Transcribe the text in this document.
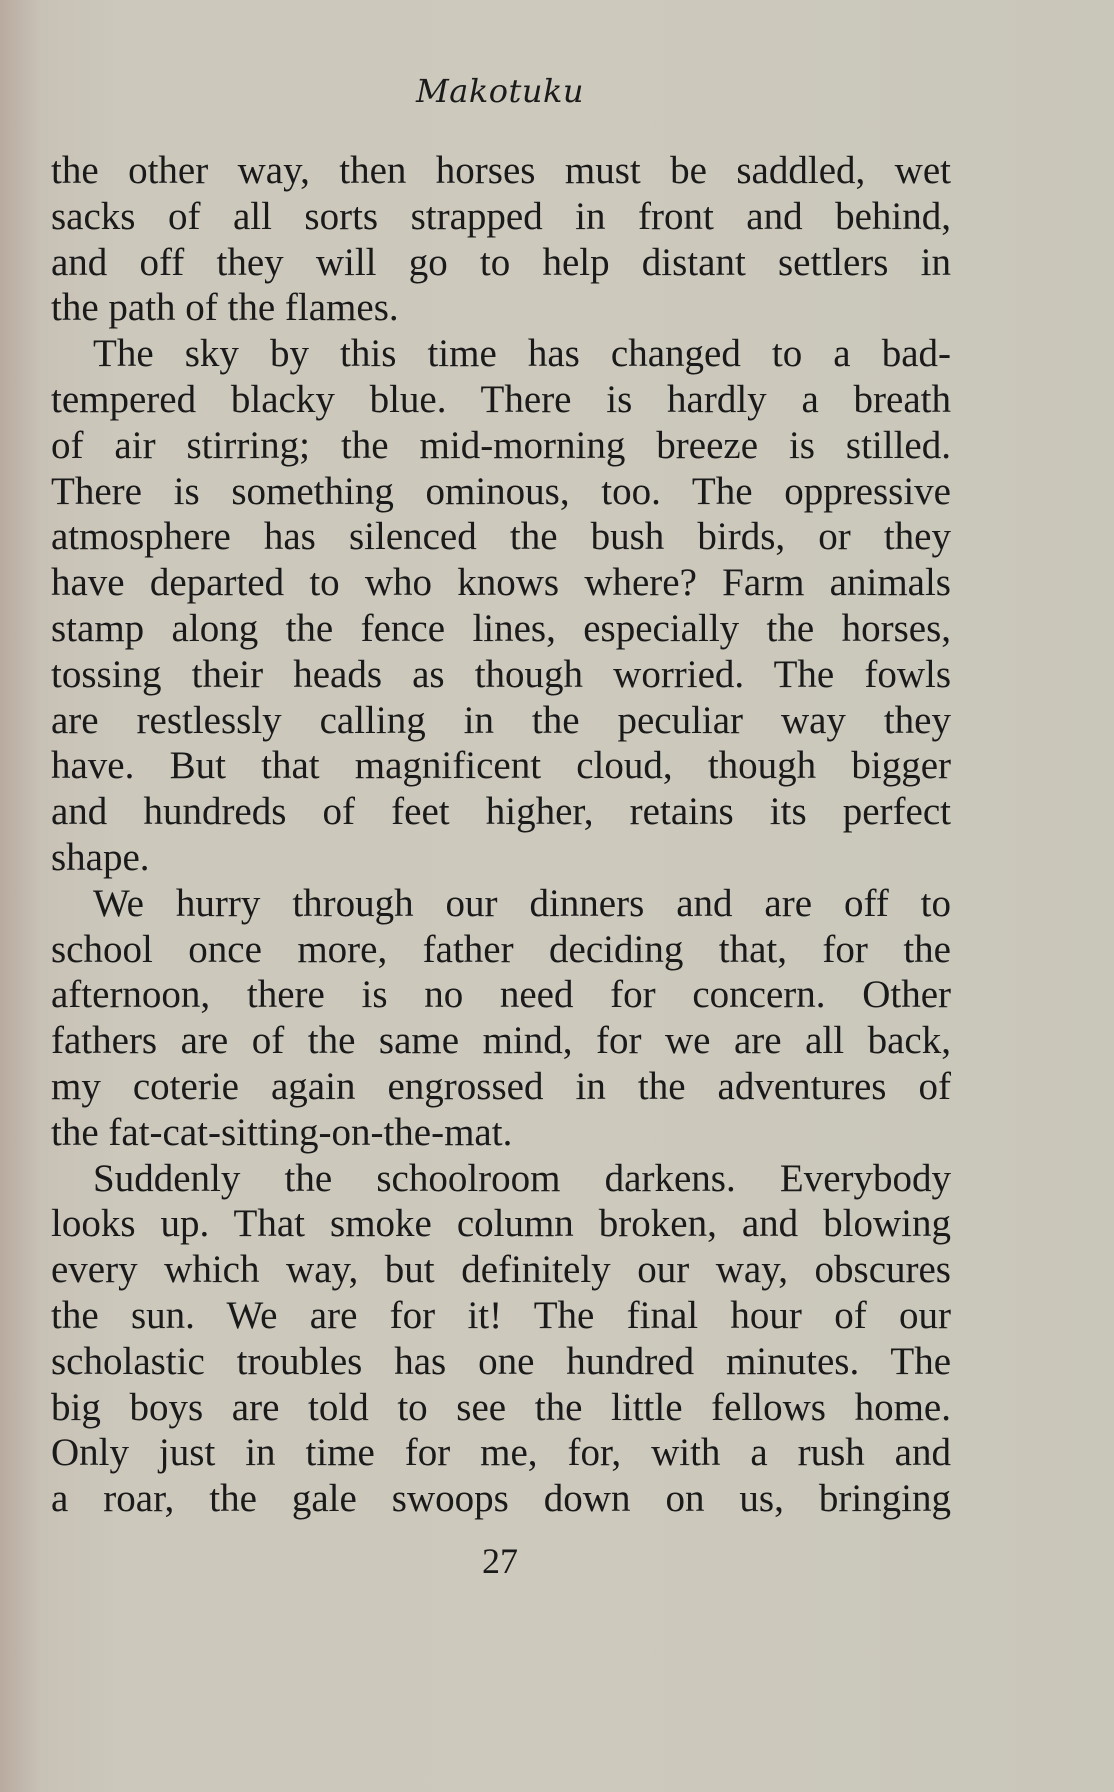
Makotuku
the other way, then horses must be saddled, wet
sacks of all sorts strapped in front and behind,
and off they will go to help distant settlers in
the path of the flames.
The sky by this time has changed to a bad-
tempered blacky blue. There is hardly a breath
of air stirring; the mid-morning breeze is stilled.
There is something ominous, too. The oppressive
atmosphere has silenced the bush birds, or they
have departed to who knows where? Farm animals
stamp along the fence lines, especially the horses,
tossing their heads as though worried. The fowls
are restlessly calling in the peculiar way they
have. But that magnificent cloud, though bigger
and hundreds of feet higher, retains its perfect
shape.
We hurry through our dinners and are off to
school once more, father deciding that, for the
afternoon, there is no need for concern. Other
fathers are of the same mind, for we are all back,
my coterie again engrossed in the adventures of
the fat-cat-sitting-on-the-mat.
Suddenly the schoolroom darkens. Everybody
looks up. That smoke column broken, and blowing
every which way, but definitely our way, obscures
the sun. We are for it! The final hour of our
scholastic troubles has one hundred minutes. The
big boys are told to see the little fellows home.
Only just in time for me, for, with a rush and
a roar, the gale swoops down on us, bringing
27
